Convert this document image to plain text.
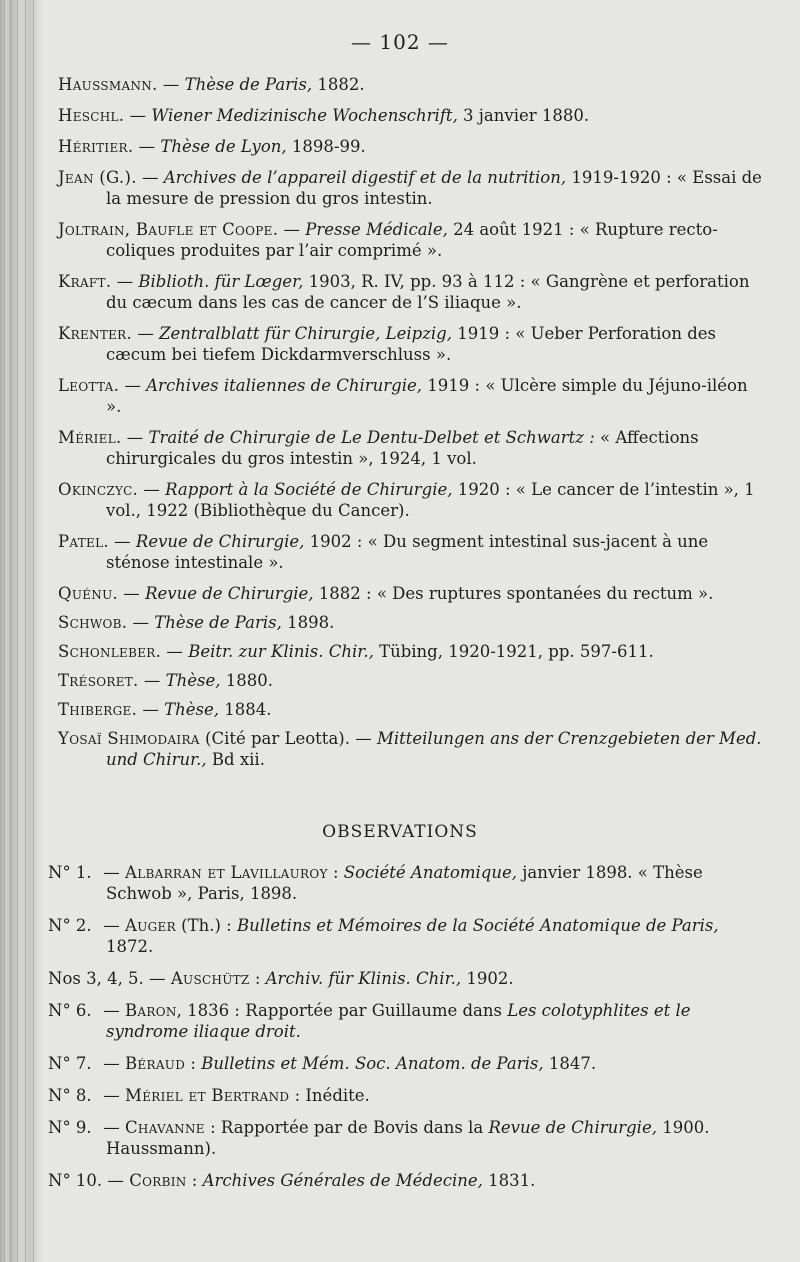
— 102 —
Haussmann. — Thèse de Paris, 1882.
Heschl. — Wiener Medizinische Wochenschrift, 3 janvier 1880.
Héritier. — Thèse de Lyon, 1898-99.
Jean (G.). — Archives de l’appareil digestif et de la nutrition, 1919-1920 : « Essai de la mesure de pression du gros intestin.
Joltrain, Baufle et Coope. — Presse Médicale, 24 août 1921 : « Rupture recto-coliques produites par l’air comprimé ».
Kraft. — Biblioth. für Lœger, 1903, R. IV, pp. 93 à 112 : « Gangrène et perforation du cæcum dans les cas de cancer de l’S iliaque ».
Krenter. — Zentralblatt für Chirurgie, Leipzig, 1919 : « Ueber Perforation des cæcum bei tiefem Dickdarmverschluss ».
Leotta. — Archives italiennes de Chirurgie, 1919 : « Ulcère simple du Jéjuno-iléon ».
Mériel. — Traité de Chirurgie de Le Dentu-Delbet et Schwartz : « Affections chirurgicales du gros intestin », 1924, 1 vol.
Okinczyc. — Rapport à la Société de Chirurgie, 1920 : « Le cancer de l’intestin », 1 vol., 1922 (Bibliothèque du Cancer).
Patel. — Revue de Chirurgie, 1902 : « Du segment intestinal sus-jacent à une sténose intestinale ».
Quénu. — Revue de Chirurgie, 1882 : « Des ruptures spontanées du rectum ».
Schwob. — Thèse de Paris, 1898.
Schonleber. — Beitr. zur Klinis. Chir., Tübing, 1920-1921, pp. 597-611.
Trésoret. — Thèse, 1880.
Thiberge. — Thèse, 1884.
Yosaï Shimodaira (Cité par Leotta). — Mitteilungen ans der Crenzgebieten der Med. und Chirur., Bd xii.
OBSERVATIONS
N° 1. — Albarran et Lavillauroy : Société Anatomique, janvier 1898. « Thèse Schwob », Paris, 1898.
N° 2. — Auger (Th.) : Bulletins et Mémoires de la Société Anatomique de Paris, 1872.
Nos 3, 4, 5. — Auschütz : Archiv. für Klinis. Chir., 1902.
N° 6. — Baron, 1836 : Rapportée par Guillaume dans Les colotyphlites et le syndrome iliaque droit.
N° 7. — Béraud : Bulletins et Mém. Soc. Anatom. de Paris, 1847.
N° 8. — Mériel et Bertrand : Inédite.
N° 9. — Chavanne : Rapportée par de Bovis dans la Revue de Chirurgie, 1900. Haussmann).
N° 10. — Corbin : Archives Générales de Médecine, 1831.
